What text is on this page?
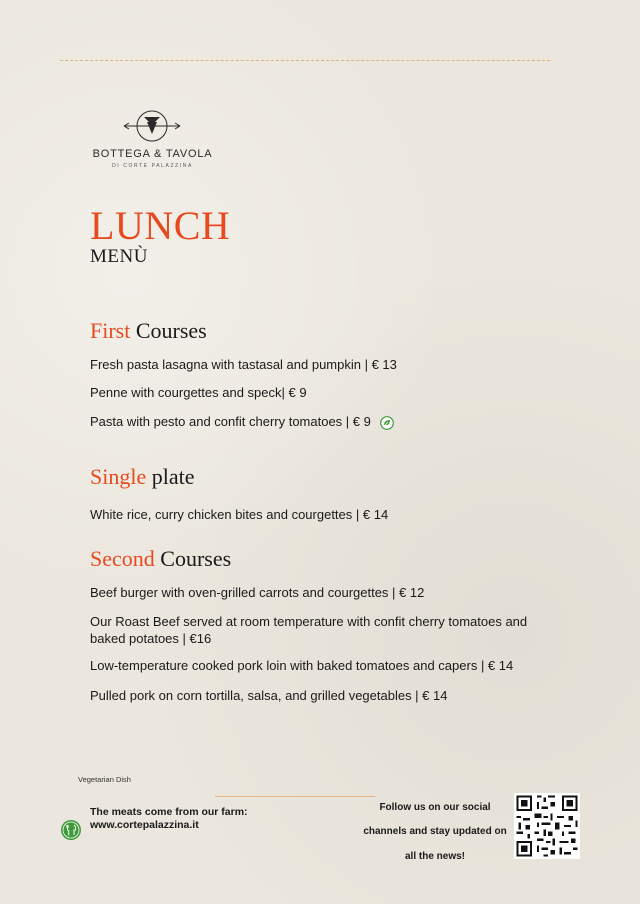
BOTTEGA & TAVOLA
DI CORTE PALAZZINA
LUNCH
MENÙ
First Courses
Fresh pasta lasagna with tastasal and pumpkin | € 13
Penne with courgettes and speck| € 9
Pasta with pesto and confit cherry tomatoes | € 9
Single plate
White rice, curry chicken bites and courgettes | € 14
Second Courses
Beef burger with oven-grilled carrots and courgettes | € 12
Our Roast Beef served at room temperature with confit cherry tomatoes and baked potatoes | €16
Low-temperature cooked pork loin with baked tomatoes and capers | € 14
Pulled pork on corn tortilla, salsa, and grilled vegetables | € 14
Vegetarian Dish
The meats come from our farm:
www.cortepalazzina.it
Follow us on our social
channels and stay updated on
all the news!
